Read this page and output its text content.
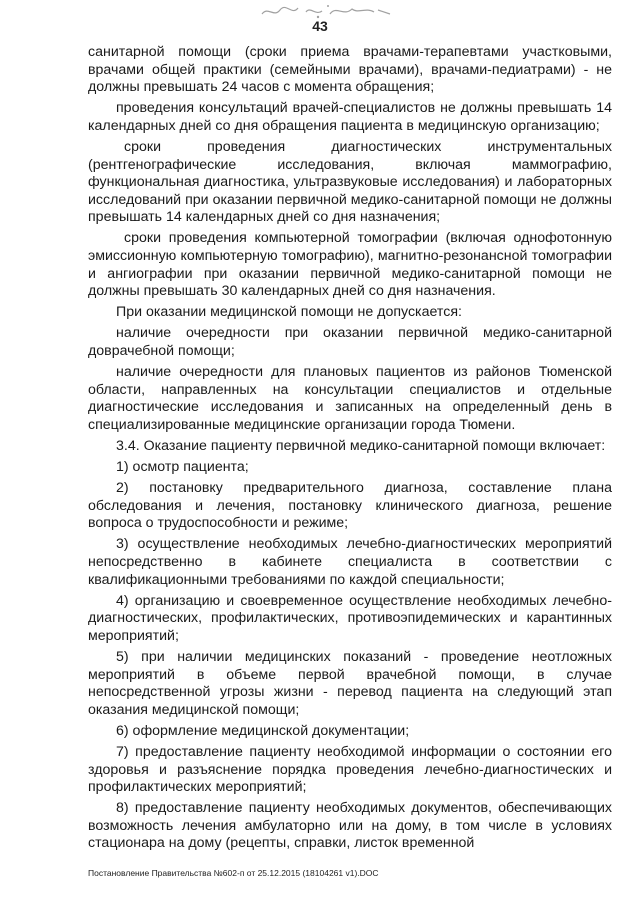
43

санитарной помощи (сроки приема врачами-терапевтами участковыми, врачами общей практики (семейными врачами), врачами-педиатрами) - не должны превышать 24 часов с момента обращения;

проведения консультаций врачей-специалистов не должны превышать 14 календарных дней со дня обращения пациента в медицинскую организацию;

сроки проведения диагностических инструментальных (рентгенографические исследования, включая маммографию, функциональная диагностика, ультразвуковые исследования) и лабораторных исследований при оказании первичной медико-санитарной помощи не должны превышать 14 календарных дней со дня назначения;

сроки проведения компьютерной томографии (включая однофотонную эмиссионную компьютерную томографию), магнитно-резонансной томографии и ангиографии при оказании первичной медико-санитарной помощи не должны превышать 30 календарных дней со дня назначения.

При оказании медицинской помощи не допускается:

наличие очередности при оказании первичной медико-санитарной доврачебной помощи;

наличие очередности для плановых пациентов из районов Тюменской области, направленных на консультации специалистов и отдельные диагностические исследования и записанных на определенный день в специализированные медицинские организации города Тюмени.

3.4. Оказание пациенту первичной медико-санитарной помощи включает:

1) осмотр пациента;

2) постановку предварительного диагноза, составление плана обследования и лечения, постановку клинического диагноза, решение вопроса о трудоспособности и режиме;

3) осуществление необходимых лечебно-диагностических мероприятий непосредственно в кабинете специалиста в соответствии с квалификационными требованиями по каждой специальности;

4) организацию и своевременное осуществление необходимых лечебно-диагностических, профилактических, противоэпидемических и карантинных мероприятий;

5) при наличии медицинских показаний - проведение неотложных мероприятий в объеме первой врачебной помощи, в случае непосредственной угрозы жизни - перевод пациента на следующий этап оказания медицинской помощи;

6) оформление медицинской документации;

7) предоставление пациенту необходимой информации о состоянии его здоровья и разъяснение порядка проведения лечебно-диагностических и профилактических мероприятий;

8) предоставление пациенту необходимых документов, обеспечивающих возможность лечения амбулаторно или на дому, в том числе в условиях стационара на дому (рецепты, справки, листок временной

Постановление Правительства №602-п от 25.12.2015 (18104261 v1).DOC
